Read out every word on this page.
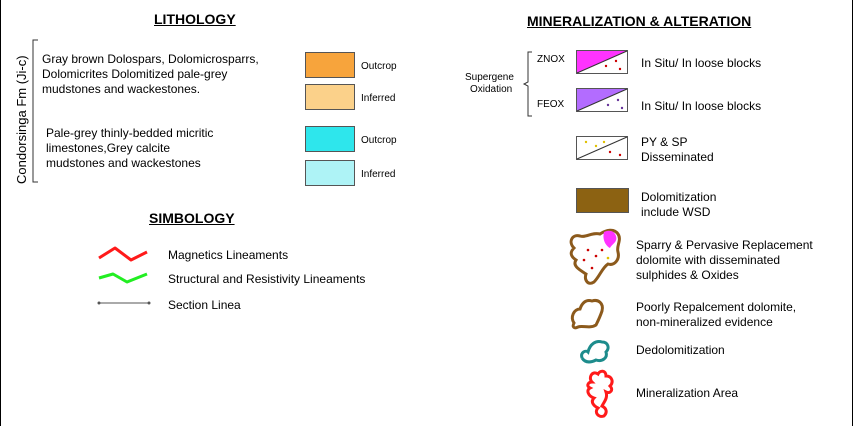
LITHOLOGY
Condorsinga Fm (Ji-c) Gray brown Dolospars, Dolomicrosparrs,
Dolomicrites Dolomitized pale-grey
mudstones and wackestones.
Pale-grey thinly-bedded micritic
limestones,Grey calcite
mudstones and wackestones
Outcrop
Inferred
Outcrop
Inferred
SIMBOLOGY
Magnetics Lineaments
Structural and Resistivity Lineaments
Section Linea
MINERALIZATION & ALTERATION
Supergene
Oxidation
ZNOX	In Situ/ In loose blocks
FEOX	In Situ/ In loose blocks
PY & SP
Disseminated
Dolomitization
include WSD
Sparry & Pervasive Replacement
dolomite with disseminated
sulphides & Oxides
Poorly Repalcement dolomite,
non-mineralized evidence
Dedolomitization
Mineralization Area
